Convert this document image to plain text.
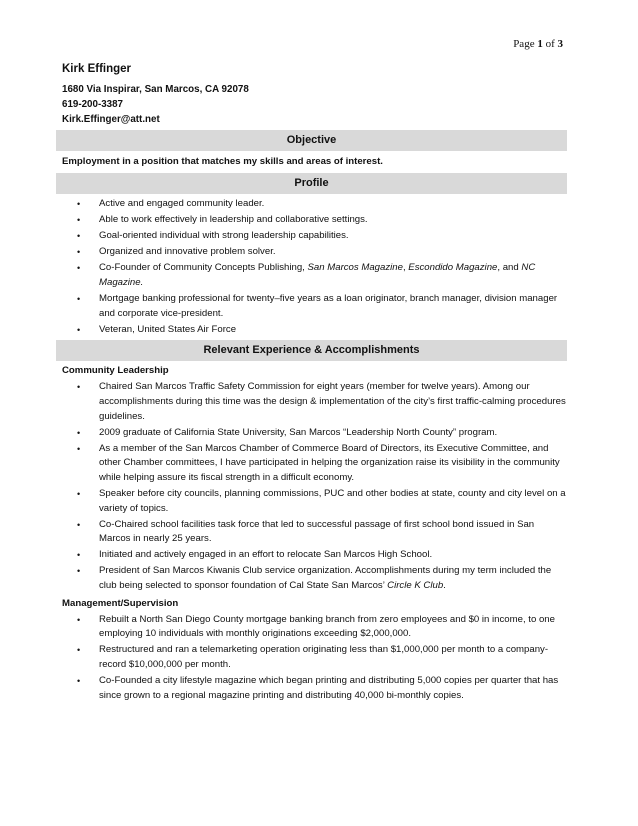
Page 1 of 3
Kirk Effinger
1680 Via Inspirar, San Marcos, CA 92078
619-200-3387
Kirk.Effinger@att.net
Objective
Employment in a position that matches my skills and areas of interest.
Profile
• Active and engaged community leader.
• Able to work effectively in leadership and collaborative settings.
• Goal-oriented individual with strong leadership capabilities.
• Organized and innovative problem solver.
• Co-Founder of Community Concepts Publishing, San Marcos Magazine, Escondido Magazine, and NC Magazine.
• Mortgage banking professional for twenty–five years as a loan originator, branch manager, division manager and corporate vice-president.
• Veteran, United States Air Force
Relevant Experience & Accomplishments
Community Leadership
• Chaired San Marcos Traffic Safety Commission for eight years (member for twelve years). Among our accomplishments during this time was the design & implementation of the city’s first traffic-calming procedures guidelines.
• 2009 graduate of California State University, San Marcos “Leadership North County” program.
• As a member of the San Marcos Chamber of Commerce Board of Directors, its Executive Committee, and other Chamber committees, I have participated in helping the organization raise its visibility in the community while helping assure its fiscal strength in a difficult economy.
• Speaker before city councils, planning commissions, PUC and other bodies at state, county and city level on a variety of topics.
• Co-Chaired school facilities task force that led to successful passage of first school bond issued in San Marcos in nearly 25 years.
• Initiated and actively engaged in an effort to relocate San Marcos High School.
• President of San Marcos Kiwanis Club service organization. Accomplishments during my term included the club being selected to sponsor foundation of Cal State San Marcos’ Circle K Club.
Management/Supervision
• Rebuilt a North San Diego County mortgage banking branch from zero employees and $0 in income, to one employing 10 individuals with monthly originations exceeding $2,000,000.
• Restructured and ran a telemarketing operation originating less than $1,000,000 per month to a company-record $10,000,000 per month.
• Co-Founded a city lifestyle magazine which began printing and distributing 5,000 copies per quarter that has since grown to a regional magazine printing and distributing 40,000 bi-monthly copies.
